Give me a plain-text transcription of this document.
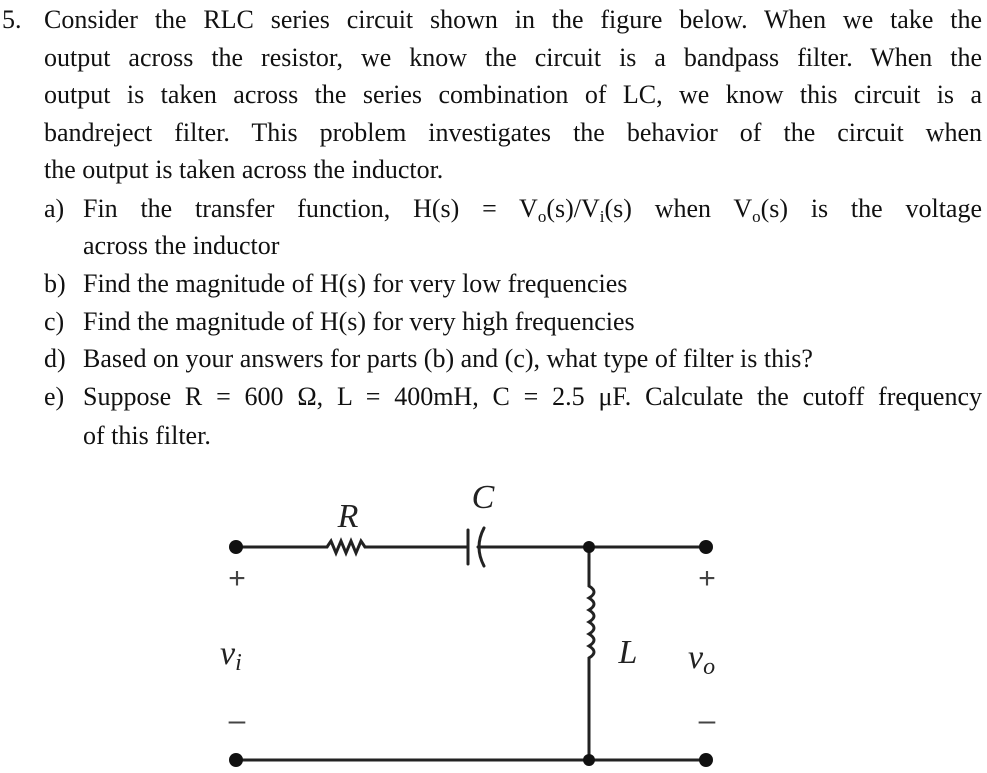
5. Consider the RLC series circuit shown in the figure below. When we take the
output across the resistor, we know the circuit is a bandpass filter. When the
output is taken across the series combination of LC, we know this circuit is a
bandreject filter. This problem investigates the behavior of the circuit when
the output is taken across the inductor.
a) Fin the transfer function, $H(s) = V_o(s)/V_i(s)$ when $V_o(s)$ is the voltage
across the inductor
b) Find the magnitude of H(s) for very low frequencies
c) Find the magnitude of H(s) for very high frequencies
d) Based on your answers for parts (b) and (c), what type of filter is this?
e) Suppose R = 600 Ω, L = 400mH, C = 2.5 μF. Calculate the cutoff frequency
of this filter.
R
C
L
+
–
+
–
vi	vo
